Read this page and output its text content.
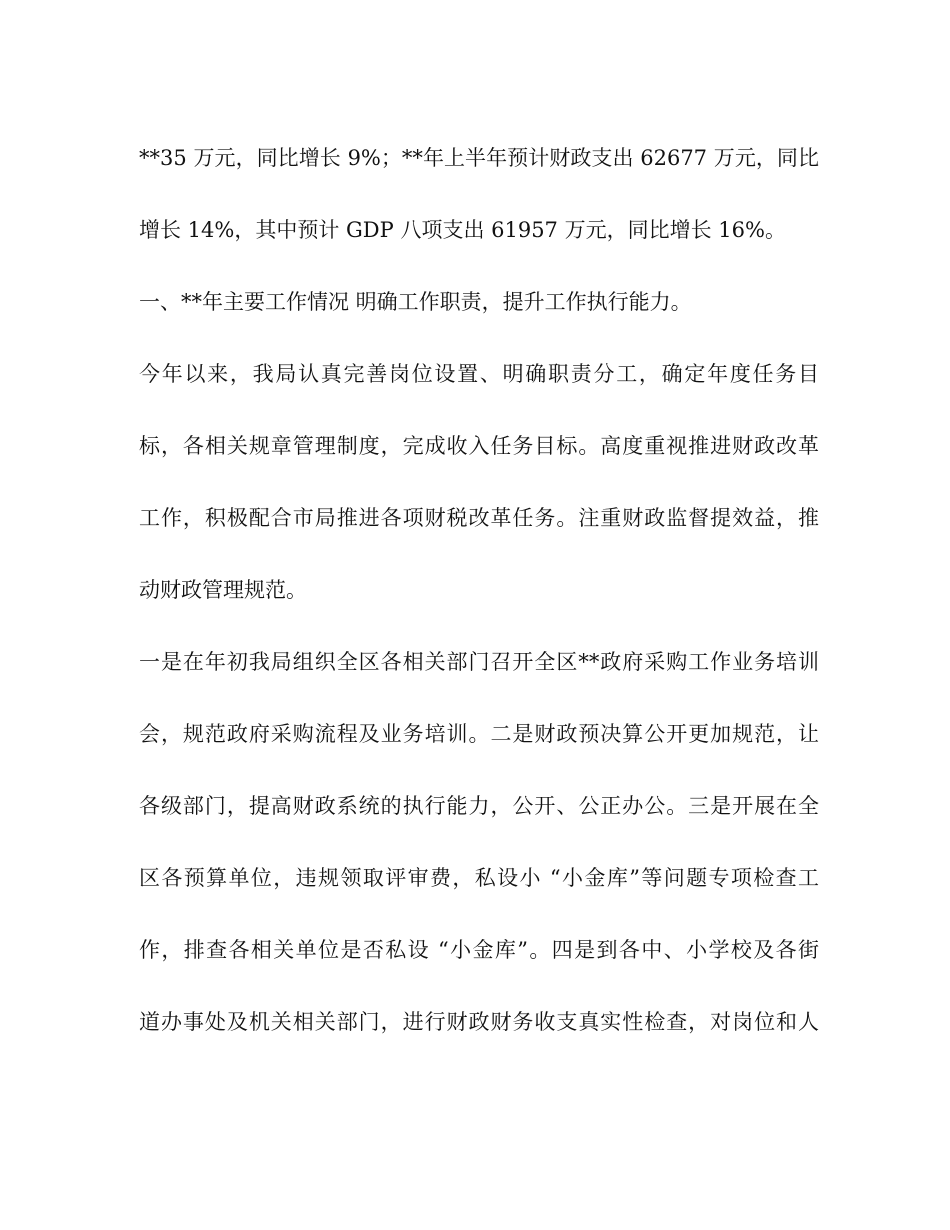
**35 万元，同比增长 9%；**年上半年预计财政支出 62677 万元，同比
增长 14%，其中预计 GDP 八项支出 61957 万元，同比增长 16%。
一、**年主要工作情况 明确工作职责，提升工作执行能力。
今年以来，我局认真完善岗位设置、明确职责分工，确定年度任务目
标，各相关规章管理制度，完成收入任务目标。高度重视推进财政改革
工作，积极配合市局推进各项财税改革任务。注重财政监督提效益，推
动财政管理规范。
一是在年初我局组织全区各相关部门召开全区**政府采购工作业务培训
会，规范政府采购流程及业务培训。二是财政预决算公开更加规范，让
各级部门，提高财政系统的执行能力，公开、公正办公。三是开展在全
区各预算单位，违规领取评审费，私设小 “小金库”等问题专项检查工
作，排查各相关单位是否私设 “小金库”。四是到各中、小学校及各街
道办事处及机关相关部门，进行财政财务收支真实性检查，对岗位和人
